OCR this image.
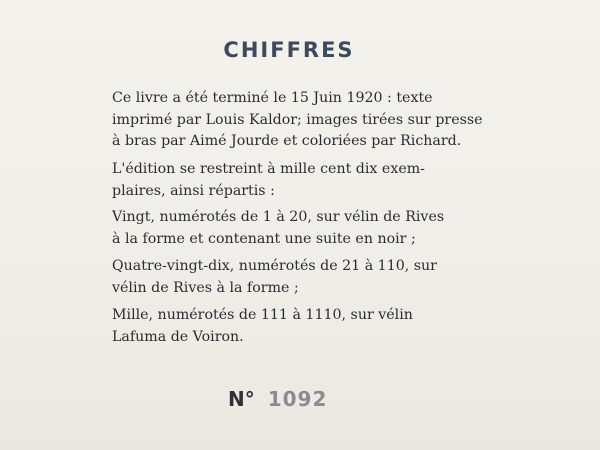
CHIFFRES

Ce livre a été terminé le 15 Juin 1920 : texte
imprimé par Louis Kaldor; images tirées sur presse
à bras par Aimé Jourde et coloriées par Richard.

L'édition se restreint à mille cent dix exem-
plaires, ainsi répartis :

Vingt, numérotés de 1 à 20, sur vélin de Rives
à la forme et contenant une suite en noir ;

Quatre-vingt-dix, numérotés de 21 à 110, sur
vélin de Rives à la forme ;

Mille, numérotés de 111 à 1110, sur vélin
Lafuma de Voiron.

N° 1092
